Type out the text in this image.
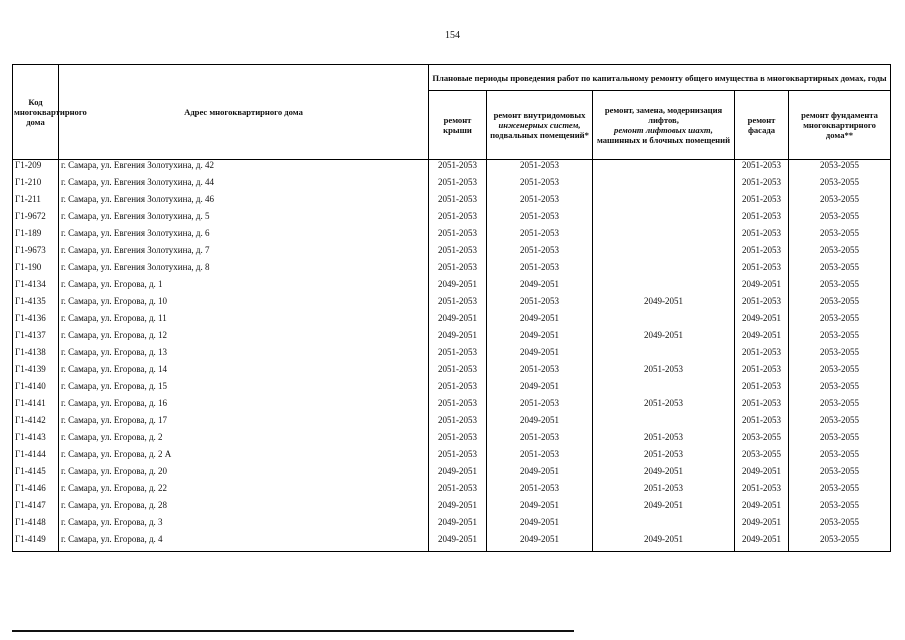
154
Код многоквартирного дома	Адрес многоквартирного дома	Плановые периоды проведения работ по капитальному ремонту общего имущества в многоквартирных домах, годы				
		ремонт крыши	ремонт внутридомовых
инженерных систем,
подвальных помещений*	ремонт, замена, модернизация лифтов,
ремонт лифтовых шахт,
машинных и блочных помещений	ремонт фасада	ремонт фундамента многоквартирного дома**
Г1-209	г. Самара, ул. Евгения Золотухина, д. 42	2051-2053	2051-2053		2051-2053	2053-2055
Г1-210	г. Самара, ул. Евгения Золотухина, д. 44	2051-2053	2051-2053		2051-2053	2053-2055
Г1-211	г. Самара, ул. Евгения Золотухина, д. 46	2051-2053	2051-2053		2051-2053	2053-2055
Г1-9672	г. Самара, ул. Евгения Золотухина, д. 5	2051-2053	2051-2053		2051-2053	2053-2055
Г1-189	г. Самара, ул. Евгения Золотухина, д. 6	2051-2053	2051-2053		2051-2053	2053-2055
Г1-9673	г. Самара, ул. Евгения Золотухина, д. 7	2051-2053	2051-2053		2051-2053	2053-2055
Г1-190	г. Самара, ул. Евгения Золотухина, д. 8	2051-2053	2051-2053		2051-2053	2053-2055
Г1-4134	г. Самара, ул. Егорова, д. 1	2049-2051	2049-2051		2049-2051	2053-2055
Г1-4135	г. Самара, ул. Егорова, д. 10	2051-2053	2051-2053	2049-2051	2051-2053	2053-2055
Г1-4136	г. Самара, ул. Егорова, д. 11	2049-2051	2049-2051		2049-2051	2053-2055
Г1-4137	г. Самара, ул. Егорова, д. 12	2049-2051	2049-2051	2049-2051	2049-2051	2053-2055
Г1-4138	г. Самара, ул. Егорова, д. 13	2051-2053	2049-2051		2051-2053	2053-2055
Г1-4139	г. Самара, ул. Егорова, д. 14	2051-2053	2051-2053	2051-2053	2051-2053	2053-2055
Г1-4140	г. Самара, ул. Егорова, д. 15	2051-2053	2049-2051		2051-2053	2053-2055
Г1-4141	г. Самара, ул. Егорова, д. 16	2051-2053	2051-2053	2051-2053	2051-2053	2053-2055
Г1-4142	г. Самара, ул. Егорова, д. 17	2051-2053	2049-2051		2051-2053	2053-2055
Г1-4143	г. Самара, ул. Егорова, д. 2	2051-2053	2051-2053	2051-2053	2053-2055	2053-2055
Г1-4144	г. Самара, ул. Егорова, д. 2 А	2051-2053	2051-2053	2051-2053	2053-2055	2053-2055
Г1-4145	г. Самара, ул. Егорова, д. 20	2049-2051	2049-2051	2049-2051	2049-2051	2053-2055
Г1-4146	г. Самара, ул. Егорова, д. 22	2051-2053	2051-2053	2051-2053	2051-2053	2053-2055
Г1-4147	г. Самара, ул. Егорова, д. 28	2049-2051	2049-2051	2049-2051	2049-2051	2053-2055
Г1-4148	г. Самара, ул. Егорова, д. 3	2049-2051	2049-2051		2049-2051	2053-2055
Г1-4149	г. Самара, ул. Егорова, д. 4	2049-2051	2049-2051	2049-2051	2049-2051	2053-2055
